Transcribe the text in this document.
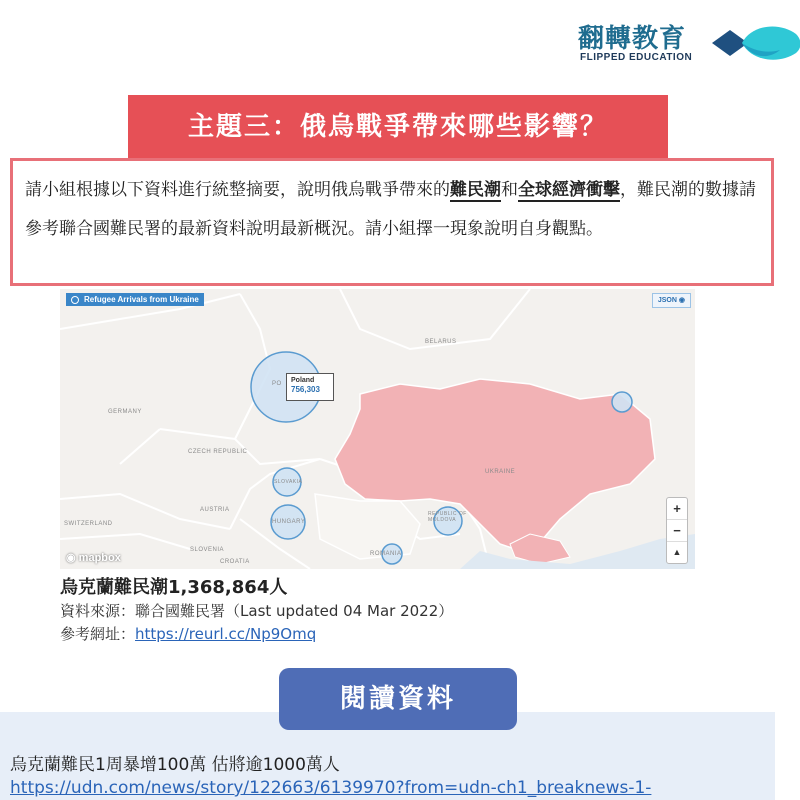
翻轉教育
FLIPPED EDUCATION
主題三：俄烏戰爭帶來哪些影響？
Refugee Arrivals from Ukraine	JSON ◉
BELARUS
PO
GERMANY
CZECH REPUBLIC
SLOVAKIA
UKRAINE
HUNGARY
AUSTRIA
SWITZERLAND
SLOVENIA
CROATIA
ROMANIA
REPUBLIC OF MOLDOVA
Poland
756,303
+
−
▲
◉ mapbox
請小組根據以下資料進行統整摘要，說明俄烏戰爭帶來的難民潮和全球經濟衝擊，難民潮的數據請參考聯合國難民署的最新資料說明最新概況。請小組擇一現象說明自身觀點。
烏克蘭難民潮1,368,864人
資料來源：聯合國難民署（Last updated 04 Mar 2022）
參考網址：https://reurl.cc/Np9Omq
烏克蘭難民1周暴增100萬 估將逾1000萬人
https://udn.com/news/story/122663/6139970?from=udn-ch1_breaknews-1-
閱讀資料
